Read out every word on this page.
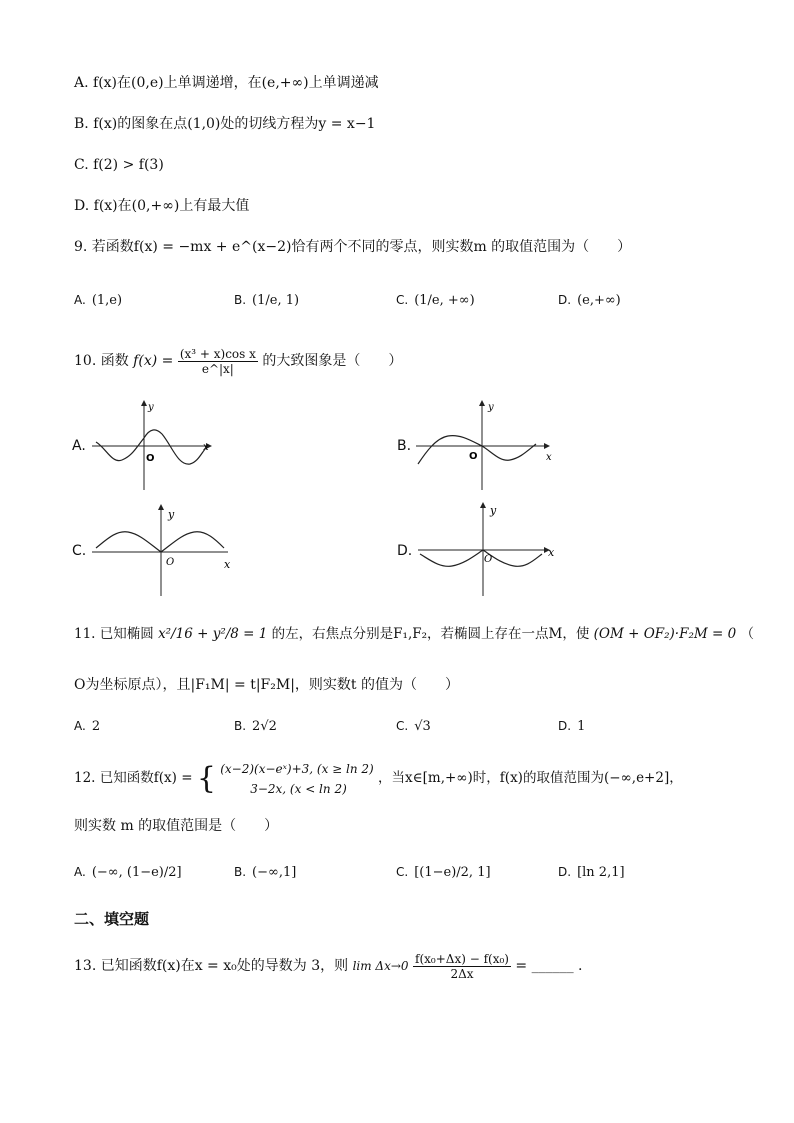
A. f(x)在(0,e)上单调递增，在(e,+∞)上单调递减
B. f(x)的图象在点(1,0)处的切线方程为y = x−1
C. f(2) > f(3)
D. f(x)在(0,+∞)上有最大值
9. 若函数f(x) = −mx + e^(x−2)恰有两个不同的零点，则实数m 的取值范围为（　　）
A. (1,e)	B. (1/e, 1)	C. (1/e, +∞)	D. (e,+∞)
10. 函数 $f(x) = \frac{\text{(x³ + x)cos x}}{e\^{}|x|}$ 的大致图象是（　　）
A.	x
y
O
B.
x
y
O
C.
x
y
O
D.	x
y
O
11. 已知椭圆 x²/16 + y²/8 = 1 的左，右焦点分别是F₁,F₂，若椭圆上存在一点M，使 (OM + OF₂)·F₂M = 0 （
O为坐标原点），且|F₁M| = t|F₂M|，则实数t 的值为（　　）
A. 2	B. 2√2	C. √3	D. 1
12. 已知函数f(x) = { (x−2)(x−eˣ)+3, (x ≥ ln 2)
3−2x, (x < ln 2)
，当x∈[m,+∞)时，f(x)的取值范围为(−∞,e+2]，
则实数 m 的取值范围是（　　）
A. (−∞, (1−e)/2]	B. (−∞,1]	C. [(1−e)/2, 1]	D. [ln 2,1]
二、填空题
13. 已知函数f(x)在x = x₀处的导数为 3，则 $\lim \Delta x\to 0 \frac{\text{f(x₀+Δx) − f(x₀)}}{2\Delta x}$ = ______ .
